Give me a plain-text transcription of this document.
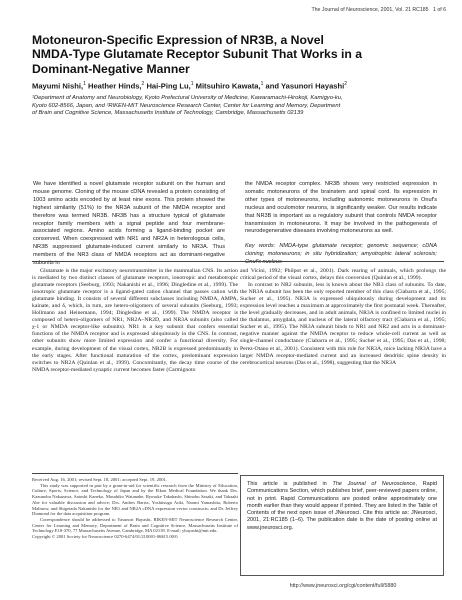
The Journal of Neuroscience, 2001, Vol. 21 RC185 1 of 6
Motoneuron-Specific Expression of NR3B, a Novel
NMDA-Type Glutamate Receptor Subunit That Works in a
Dominant-Negative Manner
Mayumi Nishi,$^1$ Heather Hinds,$^2$ Hai-Ping Lu,$^1$ Mitsuhiro Kawata,$^1$ and Yasunori Hayashi$^2$
¹Department of Anatomy and Neurobiology, Kyoto Prefectural University of Medicine, Kawaramachi-Hirokoji, Kamigyo-ku,
Kyoto 602-8566, Japan, and ²RIKEN-MIT Neuroscience Research Center, Center for Learning and Memory, Department
of Brain and Cognitive Science, Massachusetts Institute of Technology, Cambridge, Massachusetts 02139

We have identified a novel glutamate receptor subunit on the human and mouse genome. Cloning of the mouse cDNA revealed a protein consisting of 1003 amino acids encoded by at least nine exons. This protein showed the highest similarity (51%) to the NR3A subunit of the NMDA receptor and therefore was termed NR3B. NR3B has a structure typical of glutamate receptor family members with a signal peptide and four membrane-associated regions. Amino acids forming a ligand-binding pocket are conserved. When coexpressed with NR1 and NR2A in heterologous cells, NR3B suppressed glutamate-induced current similarly to NR3A. Thus members of the NR3 class of NMDA receptors act as dominant-negative subunits in

the NMDA receptor complex. NR3B shows very restricted expression in somatic motoneurons of the brainstem and spinal cord. Its expression in other types of motoneurons, including autonomic motoneurons in Onuf's nucleus and oculomotor neurons, is significantly weaker. Our results indicate that NR3B is important as a regulatory subunit that controls NMDA receptor transmission in motoneurons. It may be involved in the pathogenesis of neurodegenerative diseases involving motoneurons as well.

Key words: NMDA-type glutamate receptor; genomic sequence; cDNA cloning; motoneurons; in situ hybridization; amyotrophic lateral sclerosis; Onuf's nucleus

Glutamate is the major excitatory neurotransmitter in the mammalian CNS. Its action is mediated by two distinct classes of glutamate receptors, ionotropic and metabotropic glutamate receptors (Seeburg, 1993; Nakanishi et al., 1996; Dingledine et al., 1999). The ionotropic glutamate receptor is a ligand-gated cation channel that passes cation with glutamate binding. It consists of several different subclasses including NMDA, AMPA, kainate, and δ, which, in turn, are hetero-oligomers of several subunits (Seeburg, 1993; Hollmann and Heinemann, 1994; Dingledine et al., 1999). The NMDA receptor is composed of hetero-oligomers of NR1, NR2A–NR2D, and NR3A subunits (also called χ-1 or NMDA receptor-like subunits). NR1 is a key subunit that confers essential functions of the NMDA receptor and is expressed ubiquitously in the CNS. In contrast, other subunits show more limited expression and confer a functional diversity. For example, during development of the visual cortex, NR2B is expressed predominantly in the early stages. After functional maturation of the cortex, predominant expression switches to NR2A (Quinlan et al., 1999). Concomitantly, the decay time course of the NMDA receptor-mediated synaptic current becomes faster (Carmignoto

and Vicini, 1992; Philpot et al., 2001). Dark rearing of animals, which prolongs the critical period of the visual cortex, delays this conversion (Quinlan et al., 1999).

In contrast to NR2 subunits, less is known about the NR3 class of subunits. To date, the NR3A subunit has been the only reported member of this class (Ciabarra et al., 1995; Sucher et al., 1995). NR3A is expressed ubiquitously during development and its expression level reaches a maximum at approximately the first postnatal week. Thereafter, the level gradually decreases, and in adult animals, NR3A is confined to limited nuclei in the thalamus, amygdala, and nucleus of the lateral olfactory tract (Ciabarra et al., 1995; Sucher et al., 1995). The NR3A subunit binds to NR1 and NR2 and acts in a dominant-negative manner against the NMDA receptor to reduce whole-cell current as well as single-channel conductance (Ciabarra et al., 1995; Sucher et al., 1995; Das et al., 1998; Perez-Otano et al., 2001). Consistent with this role for NR3A, mice lacking NR3A have a larger NMDA receptor-mediated current and an increased dendritic spine density in cerebrocortical neurons (Das et al., 1998), suggesting that the NR3A

Received Aug. 16, 2001; revised Sept. 18, 2001; accepted Sept. 19, 2001.

This study was supported in part by a grant-in-aid for scientific research from the Ministry of Education, Culture, Sports, Science, and Technology of Japan and by the Elkon Medical Foundation. We thank Drs. Kazunobu Nakazawa, Satoshi Kaneko, Masahiko Watanabe, Ryosuke Takahashi, Shinobu Sasaki, and Takaaki Abe for valuable discussion and advice; Drs. Andres Barria, Yoshitsugu Aoki, Naomi Yamashita, Roberto Malinow, and Shigetada Nakanishi for the NR1 and NR2A cDNA expression vector constructs; and Dr. Jeffrey Diamond for the data acquisition program.

Correspondence should be addressed to Yasunori Hayashi, RIKEN-MIT Neuroscience Research Center, Center for Learning and Memory, Department of Brain and Cognitive Science, Massachusetts Institute of Technology E18-370, 77 Massachusetts Avenue, Cambridge, MA 02139. E-mail: yhayashi@mit.edu.

Copyright © 2001 Society for Neuroscience 0270-6474/01/210001-06$15.00/0

This article is published in The Journal of Neuroscience, Rapid Communications Section, which publishes brief, peer-reviewed papers online, not in print. Rapid Communications are posted online approximately one month earlier than they would appear if printed. They are listed in the Table of Contents of the next open issue of JNeurosci. Cite this article as: JNeurosci, 2001, 21:RC185 (1–6). The publication date is the date of posting online at www.jneurosci.org.

http://www.jneurosci.org/cgi/content/full/5880
